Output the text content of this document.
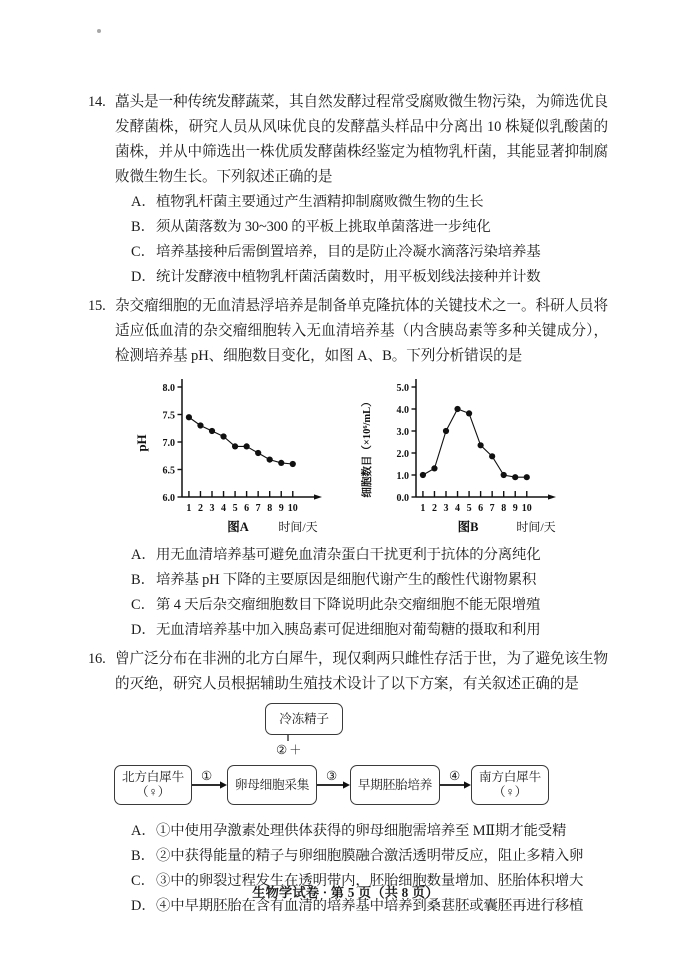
14. 藠头是一种传统发酵蔬菜，其自然发酵过程常受腐败微生物污染，为筛选优良发酵菌株，研究人员从风味优良的发酵藠头样品中分离出 10 株疑似乳酸菌的菌株，并从中筛选出一株优质发酵菌株经鉴定为植物乳杆菌，其能显著抑制腐败微生物生长。下列叙述正确的是
A． 植物乳杆菌主要通过产生酒精抑制腐败微生物的生长
B． 须从菌落数为 30~300 的平板上挑取单菌落进一步纯化
C． 培养基接种后需倒置培养，目的是防止冷凝水滴落污染培养基
D． 统计发酵液中植物乳杆菌活菌数时，用平板划线法接种并计数
15. 杂交瘤细胞的无血清悬浮培养是制备单克隆抗体的关键技术之一。科研人员将适应低血清的杂交瘤细胞转入无血清培养基（内含胰岛素等多种关键成分），检测培养基 pH、细胞数目变化，如图 A、B。下列分析错误的是
6.0
6.5
7.0
7.5
8.0
1 2 3 4 5 6 7 8 9 10
pH
时间/天
图A
0.0
1.0
2.0
3.0
4.0
5.0
1 2 3 4 5 6 7 8 9 10
细胞数目（×10⁶/mL）
时间/天
图B
A． 用无血清培养基可避免血清杂蛋白干扰更利于抗体的分离纯化
B． 培养基 pH 下降的主要原因是细胞代谢产生的酸性代谢物累积
C． 第 4 天后杂交瘤细胞数目下降说明此杂交瘤细胞不能无限增殖
D． 无血清培养基中加入胰岛素可促进细胞对葡萄糖的摄取和利用
16. 曾广泛分布在非洲的北方白犀牛，现仅剩两只雌性存活于世，为了避免该生物的灭绝，研究人员根据辅助生殖技术设计了以下方案，有关叙述正确的是
冷冻精子
② ＋
北方白犀牛
（♀）
卵母细胞采集	早期胚胎培养
南方白犀牛
（♀）
①	③	④
A． ①中使用孕激素处理供体获得的卵母细胞需培养至 MⅡ期才能受精
B． ②中获得能量的精子与卵细胞膜融合激活透明带反应，阻止多精入卵
C． ③中的卵裂过程发生在透明带内，胚胎细胞数量增加、胚胎体积增大
D． ④中早期胚胎在含有血清的培养基中培养到桑葚胚或囊胚再进行移植
生物学试卷 · 第 5 页（共 8 页）
